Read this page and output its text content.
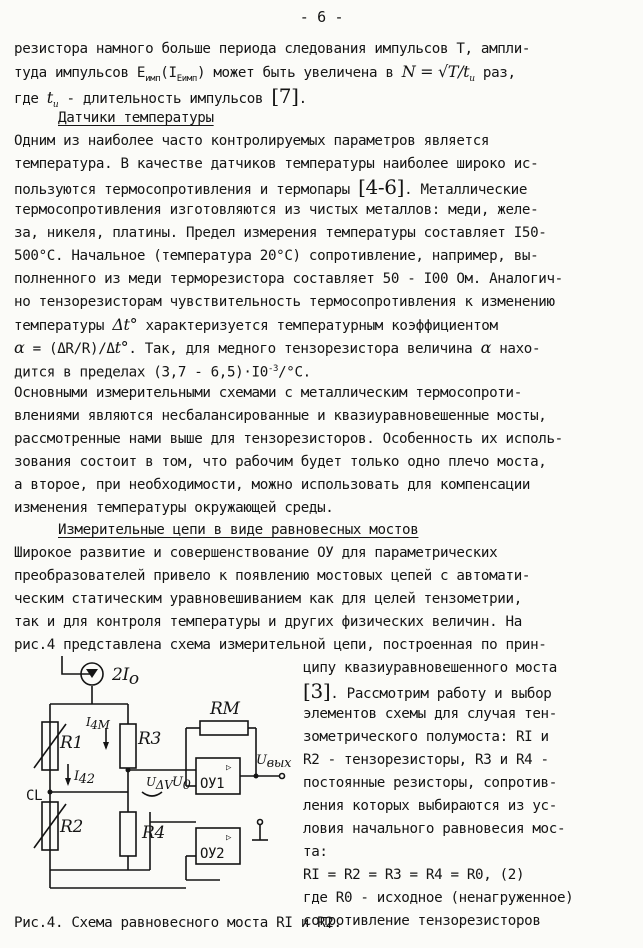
- 6 -
резистора намного больше периода следования импульсов Т, ампли-
туда импульсов $E_{имп}(I_{Eимп})$ может быть увеличена в $N = √T/t_u$ раз,
где $t_u$ - длительность импульсов [7].
Датчики температуры
Одним из наиболее часто контролируемых параметров является
температура. В качестве датчиков температуры наиболее широко ис-
пользуются термосопротивления и термопары [4-6]. Металлические
термосопротивления изготовляются из чистых металлов: меди, желе-
за, никеля, платины. Предел измерения температуры составляет I50-
500°C. Начальное (температура 20°C) сопротивление, например, вы-
полненного из меди терморезистора составляет 50 - I00 Ом. Аналогич-
но тензорезисторам чувствительность термосопротивления к изменению
температуры Δt° характеризуется температурным коэффициентом
α = (ΔR/R)/Δt°. Так, для медного тензорезистора величина α нахо-
дится в пределах $(3,7 - 6,5)\cdot I0^{-3}/^\circ C$.
Основными измерительными схемами с металлическим термосопроти-
влениями являются несбалансированные и квазиуравновешенные мосты,
рассмотренные нами выше для тензорезисторов. Особенность их исполь-
зования состоит в том, что рабочим будет только одно плечо моста,
а второе, при необходимости, можно использовать для компенсации
изменения температуры окружающей среды.
Измерительные цепи в виде равновесных мостов
Широкое развитие и совершенствование ОУ для параметрических
преобразователей привело к появлению мостовых цепей с автомати-
ческим статическим уравновешиванием как для целей тензометрии,
так и для контроля температуры и других физических величин. На
рис.4 представлена схема измерительной цепи, построенная по прин-
ципу квазиуравновешенного моста
[3]. Рассмотрим работу и выбор
элементов схемы для случая тен-
зометрического полумоста: RI и
R2 - тензорезисторы, R3 и R4 -
постоянные резисторы, сопротив-
ления которых выбираются из ус-
ловия начального равновесия мос-
та:
RI = R2 = R3 = R4 = R0, (2)
где R0 - исходное (ненагруженное)
сопротивление тензорезисторов
Рис.4. Схема равновесного моста RI и R2.
2Io
R1
R2
CL
I42
R3
R4
I4M
UΔV U0
▷
ОУ1
RM
Uвых
▷
ОУ2
